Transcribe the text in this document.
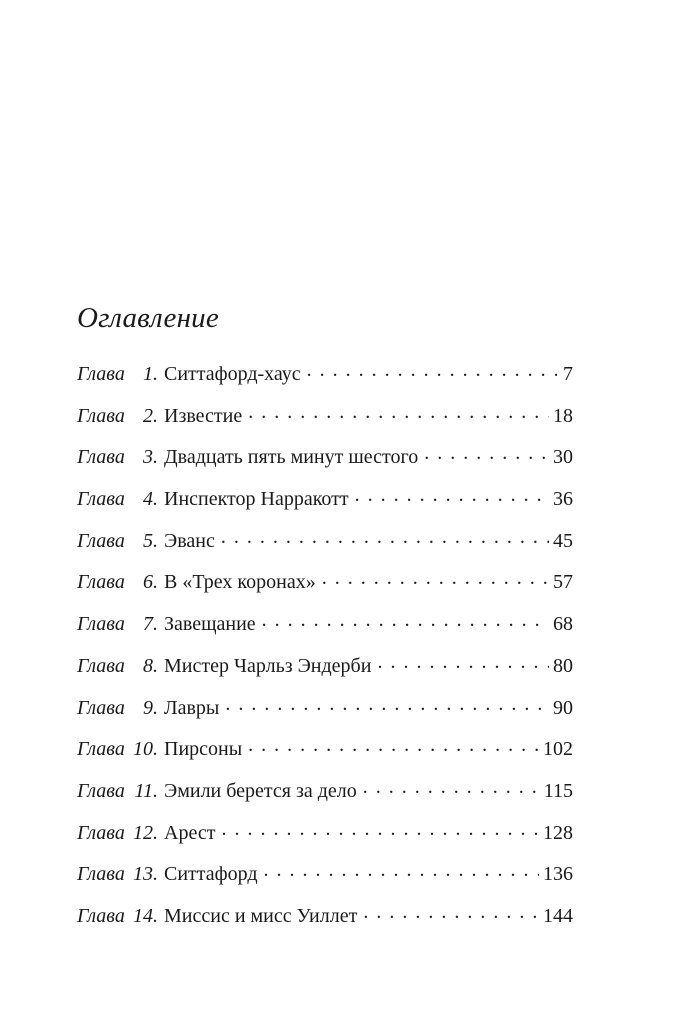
Оглавление
Глава 1. Ситтафорд-хаус . . .	7
Глава 2. Известие . . .	18
Глава 3. Двадцать пять минут шестого . . .	30
Глава 4. Инспектор Нарракотт . . .	36
Глава 5. Эванс . . .	45
Глава 6. В «Трех коронах» . . .	57
Глава 7. Завещание . . .	68
Глава 8. Мистер Чарльз Эндерби . . .	80
Глава 9. Лавры . . .	90
Глава 10. Пирсоны . . .	102
Глава 11. Эмили берется за дело . . .	115
Глава 12. Арест . . .	128
Глава 13. Ситтафорд . . .	136
Глава 14. Миссис и мисс Уиллет . . .	144
